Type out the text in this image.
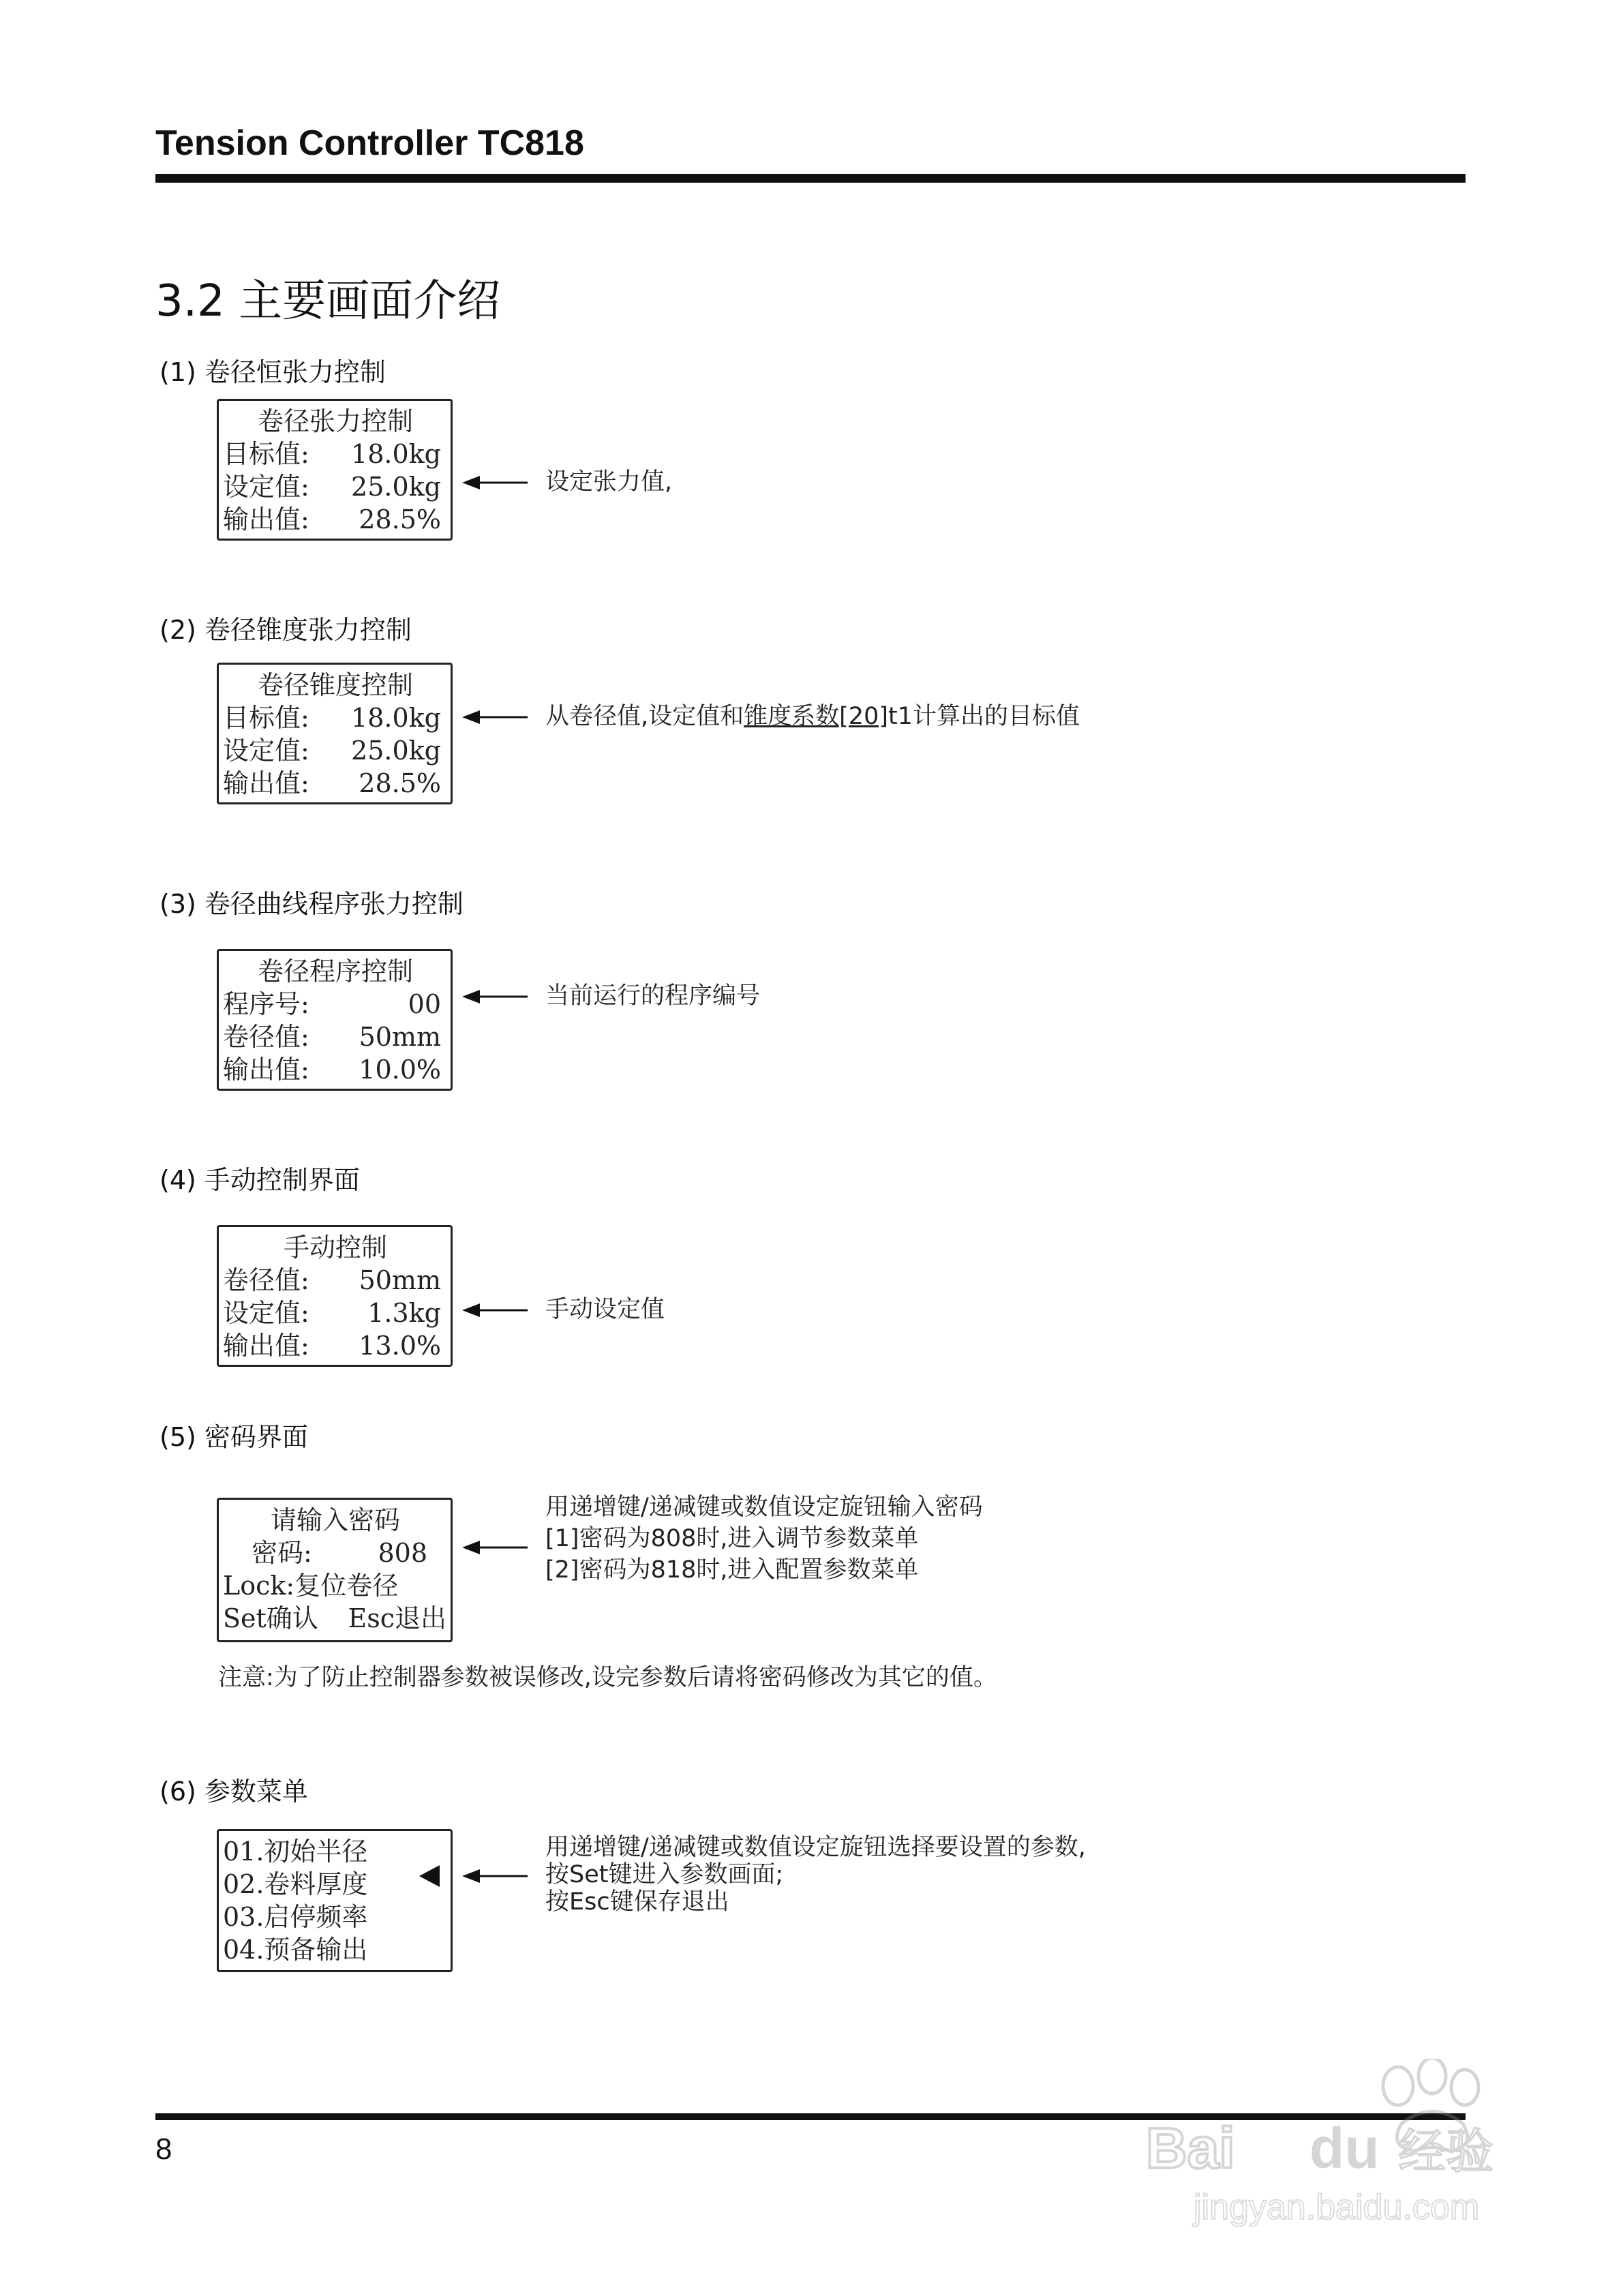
Tension Controller TC818
3.2 主要画面介绍
(1) 卷径恒张力控制
卷径张力控制
目标值: 18.0kg
设定值: 25.0kg
输出值: 28.5%
设定张力值,
(2) 卷径锥度张力控制
卷径锥度控制
目标值: 18.0kg
设定值: 25.0kg
输出值: 28.5%
从卷径值,设定值和锥度系数[20]t1计算出的目标值
(3) 卷径曲线程序张力控制
卷径程序控制
程序号:	00
卷径值: 50mm
输出值: 10.0%
当前运行的程序编号
(4) 手动控制界面
手动控制
卷径值: 50mm
设定值: 1.3kg
输出值: 13.0%
手动设定值
(5) 密码界面
请输入密码
密码:	808
Lock:复位卷径
Set确认 Esc退出
用递增键/递减键或数值设定旋钮输入密码
[1]密码为808时,进入调节参数菜单
[2]密码为818时,进入配置参数菜单
注意:为了防止控制器参数被误修改,设完参数后请将密码修改为其它的值。
(6) 参数菜单
01.初始半径
02.卷料厚度
03.启停频率
04.预备输出
用递增键/递减键或数值设定旋钮选择要设置的参数,
按Set键进入参数画面;
按Esc键保存退出
8	Bai du 经验
jingyan.baidu.com
